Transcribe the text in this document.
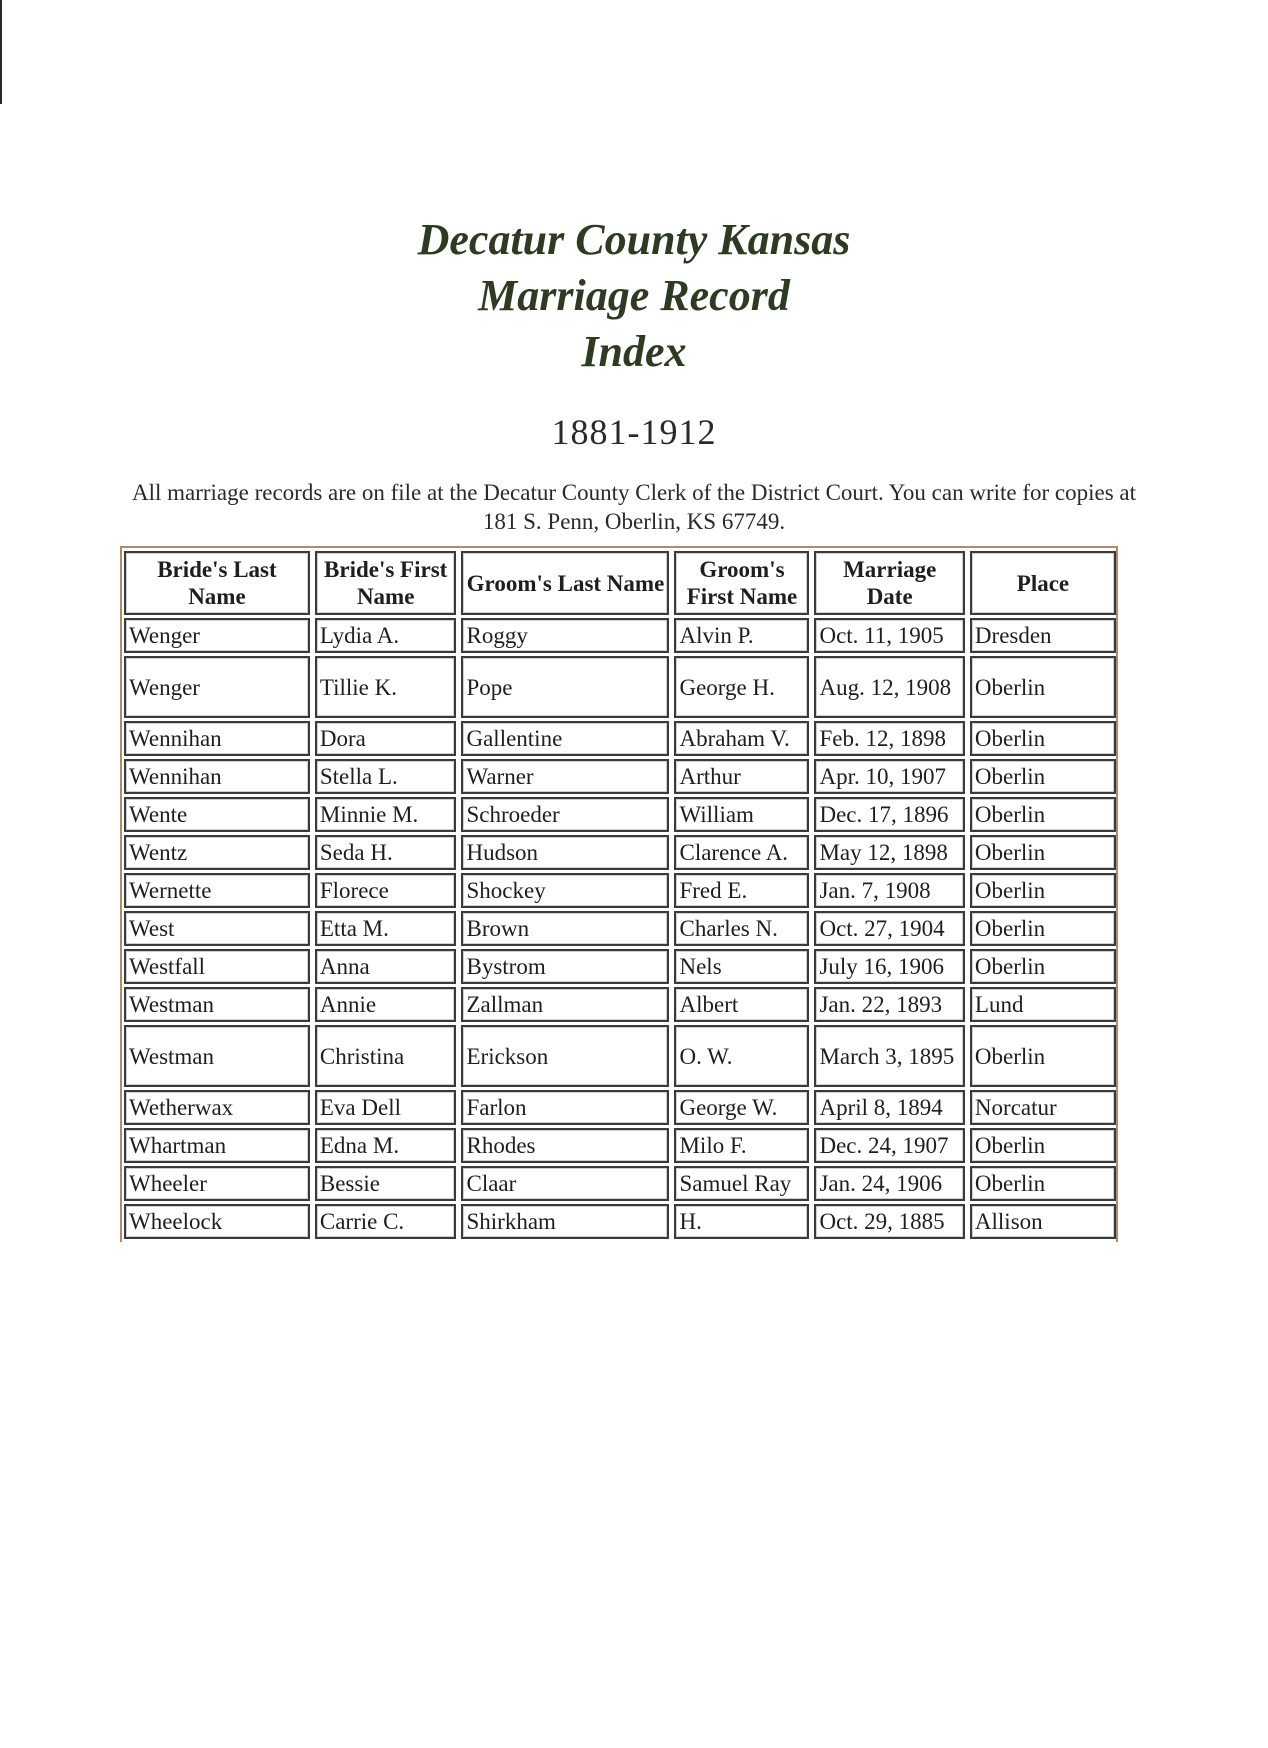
Decatur County Kansas
Marriage Record
Index
1881-1912
All marriage records are on file at the Decatur County Clerk of the District Court. You can write for copies at 181 S. Penn, Oberlin, KS 67749.
Bride's Last Name	Bride's First Name	Groom's Last Name	Groom's First Name	Marriage Date	Place
Wenger	Lydia A.	Roggy	Alvin P.	Oct. 11, 1905	Dresden
Wenger	Tillie K.	Pope	George H.	Aug. 12, 1908	Oberlin
Wennihan	Dora	Gallentine	Abraham V.	Feb. 12, 1898	Oberlin
Wennihan	Stella L.	Warner	Arthur	Apr. 10, 1907	Oberlin
Wente	Minnie M.	Schroeder	William	Dec. 17, 1896	Oberlin
Wentz	Seda H.	Hudson	Clarence A.	May 12, 1898	Oberlin
Wernette	Florece	Shockey	Fred E.	Jan. 7, 1908	Oberlin
West	Etta M.	Brown	Charles N.	Oct. 27, 1904	Oberlin
Westfall	Anna	Bystrom	Nels	July 16, 1906	Oberlin
Westman	Annie	Zallman	Albert	Jan. 22, 1893	Lund
Westman	Christina	Erickson	O. W.	March 3, 1895	Oberlin
Wetherwax	Eva Dell	Farlon	George W.	April 8, 1894	Norcatur
Whartman	Edna M.	Rhodes	Milo F.	Dec. 24, 1907	Oberlin
Wheeler	Bessie	Claar	Samuel Ray	Jan. 24, 1906	Oberlin
Wheelock	Carrie C.	Shirkham	H.	Oct. 29, 1885	Allison
